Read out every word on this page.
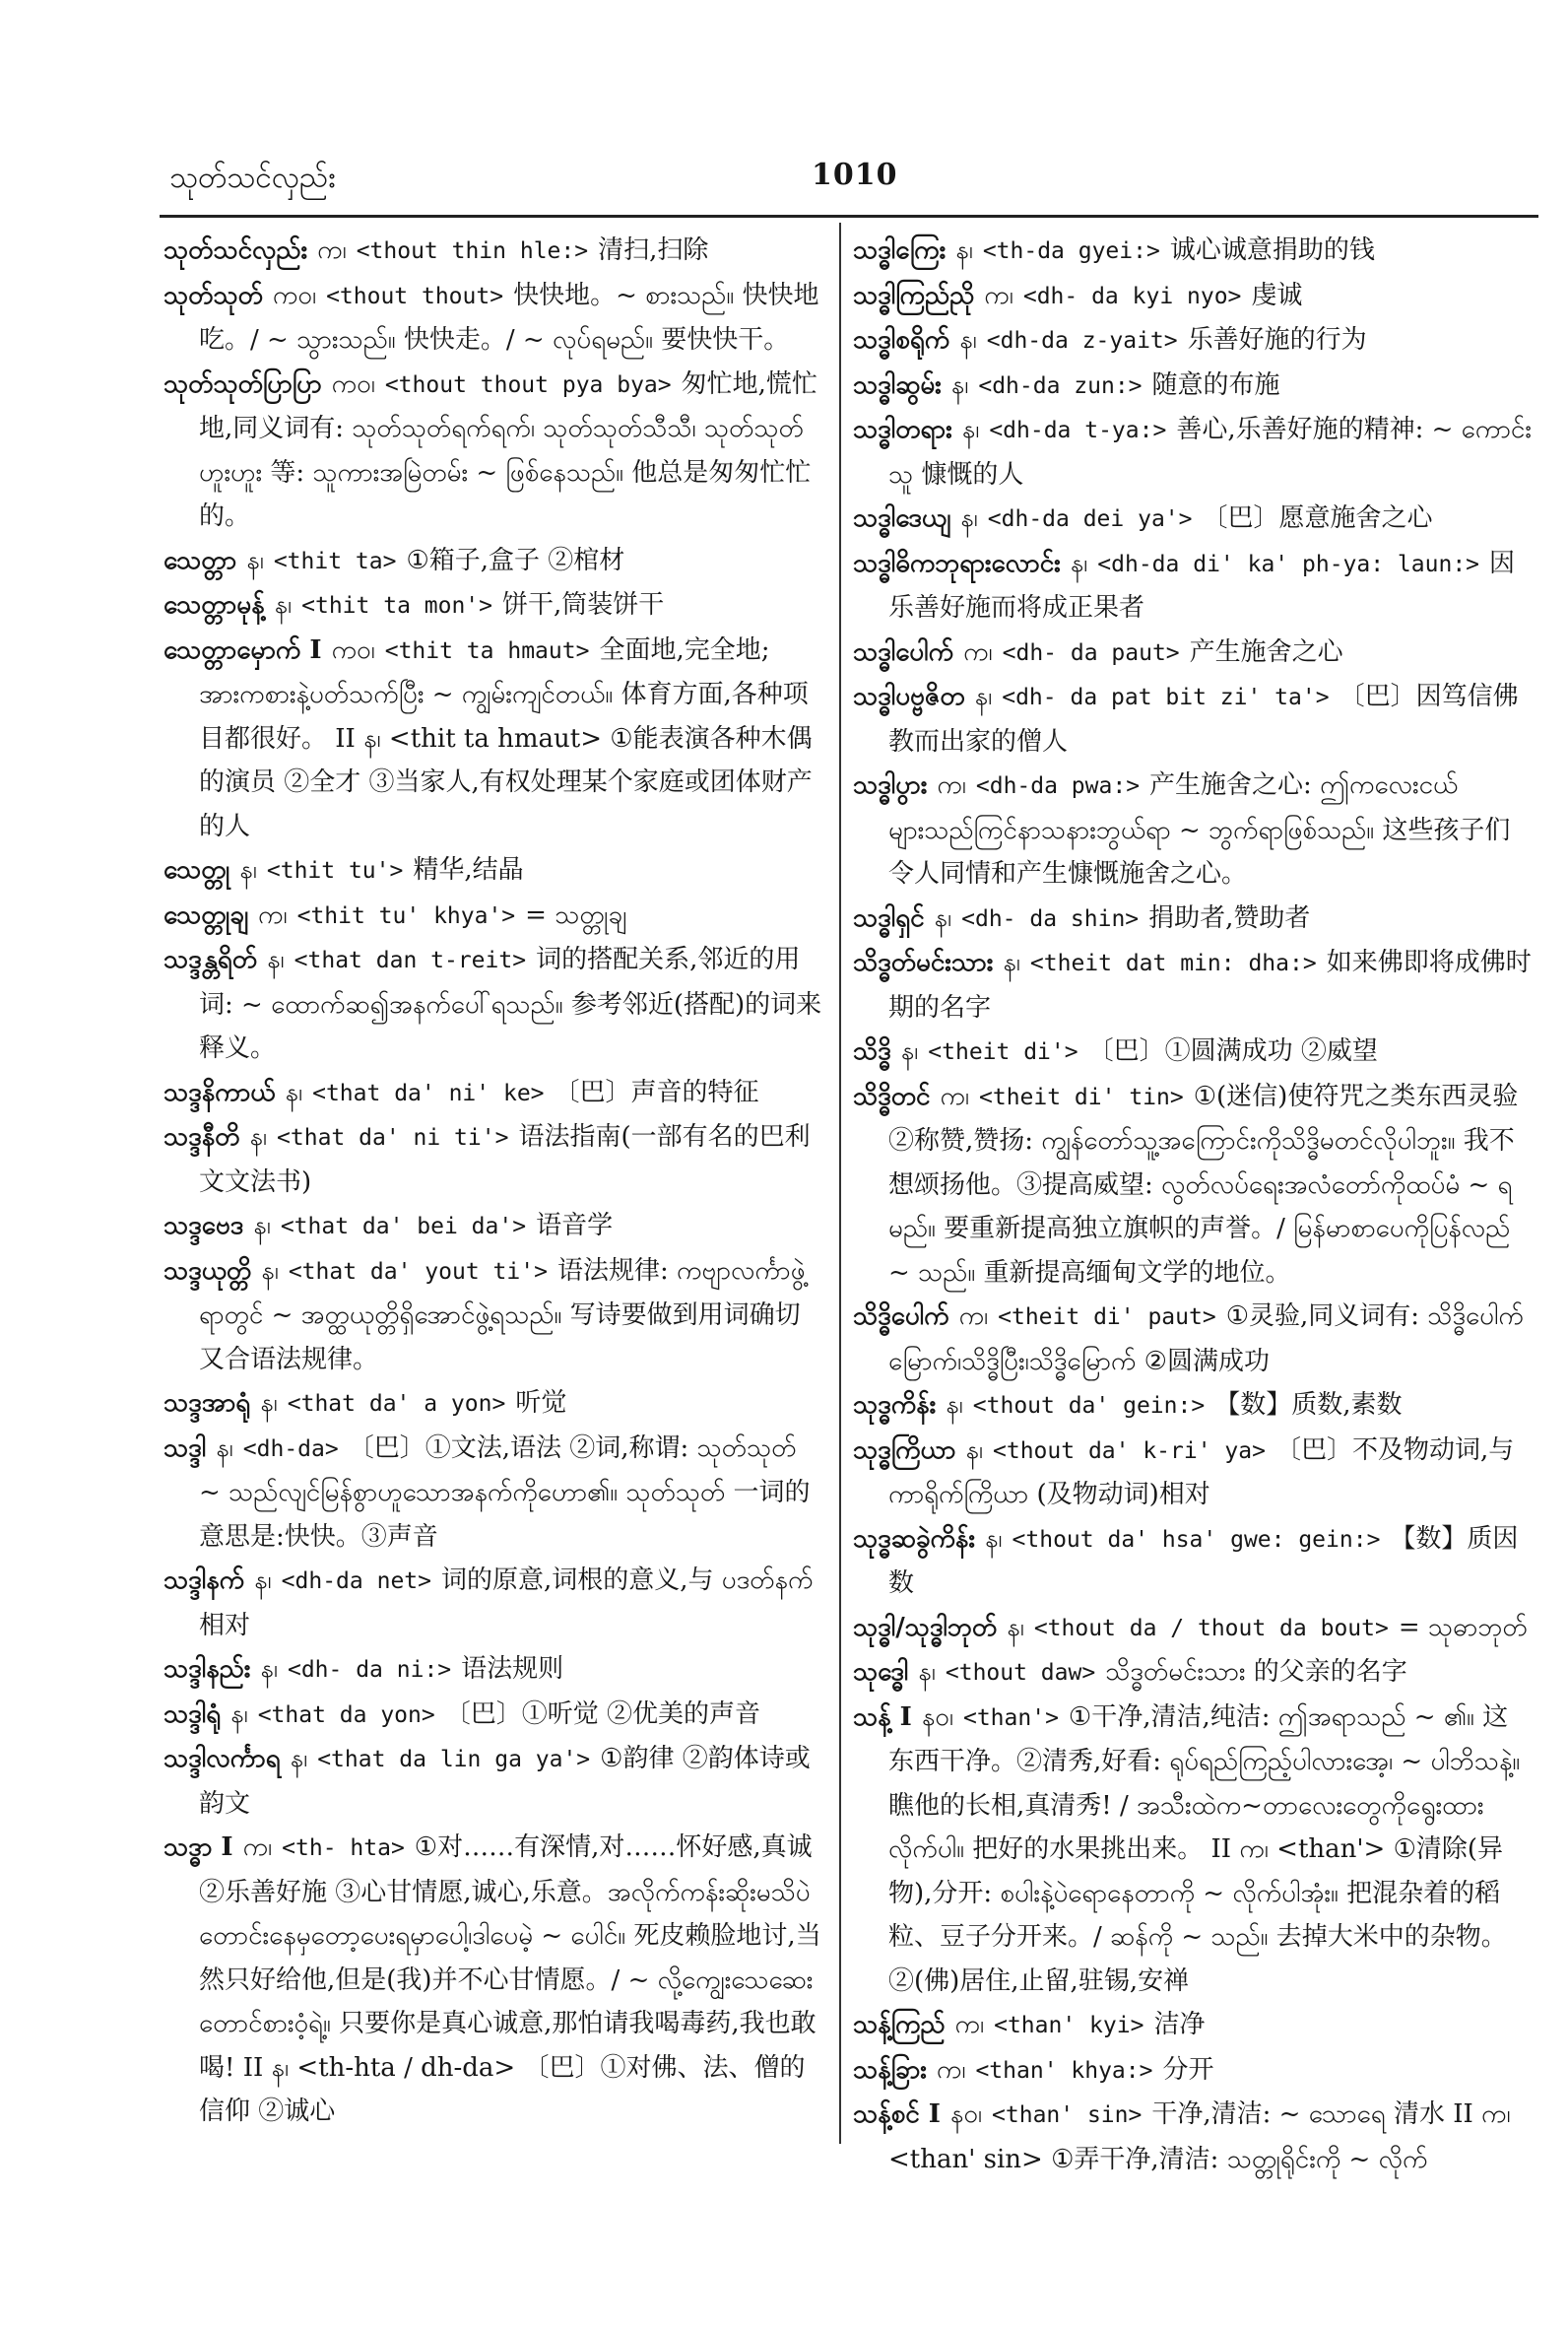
သုတ်သင်လှည်း	1010

သုတ်သင်လှည်း က၊ <thout thin hle:> 清扫,扫除

သုတ်သုတ် ကဝ၊ <thout thout> 快快地。~ စားသည်။ 快快地吃。/ ~ သွားသည်။ 快快走。/ ~ လုပ်ရမည်။ 要快快干。

သုတ်သုတ်ပြာပြာ ကဝ၊ <thout thout pya bya> 匆忙地,慌忙地,同义词有: သုတ်သုတ်ရက်ရက်၊ သုတ်သုတ်သီသီ၊ သုတ်သုတ်ဟူးဟူး 等: သူကားအမြဲတမ်း ~ ဖြစ်နေသည်။ 他总是匆匆忙忙的。

သေတ္တာ န၊ <thit ta> ①箱子,盒子 ②棺材

သေတ္တာမုန့် န၊ <thit ta mon'> 饼干,筒装饼干

သေတ္တာမှောက် I ကဝ၊ <thit ta hmaut> 全面地,完全地; အားကစားနဲ့ပတ်သက်ပြီး ~ ကျွမ်းကျင်တယ်။ 体育方面,各种项目都很好。 II န၊ <thit ta hmaut> ①能表演各种木偶的演员 ②全才 ③当家人,有权处理某个家庭或团体财产的人

သေတ္တု န၊ <thit tu'> 精华,结晶

သေတ္တုချ က၊ <thit tu' khya'> = သတ္တုချ

သဒ္ဒန္တရိတ် န၊ <that dan t-reit> 词的搭配关系,邻近的用词: ~ ထောက်ဆ၍အနက်ပေါ်ရသည်။ 参考邻近(搭配)的词来释义。

သဒ္ဒနိကာယ် န၊ <that da' ni' ke> 〔巴〕声音的特征

သဒ္ဒနီတိ န၊ <that da' ni ti'> 语法指南(一部有名的巴利文文法书)

သဒ္ဒဗေဒ န၊ <that da' bei da'> 语音学

သဒ္ဒယုတ္တိ န၊ <that da' yout ti'> 语法规律: ကဗျာလင်္ကာဖွဲ့ရာတွင် ~ အတ္ထယုတ္တိရှိအောင်ဖွဲ့ရသည်။ 写诗要做到用词确切又合语法规律。

သဒ္ဒအာရုံ န၊ <that da' a yon> 听觉

သဒ္ဒါ န၊ <dh-da> 〔巴〕①文法,语法 ②词,称谓: သုတ်သုတ် ~ သည်လျင်မြန်စွာဟူသောအနက်ကိုဟော၏။ သုတ်သုတ် 一词的意思是:快快。③声音

သဒ္ဒါနက် န၊ <dh-da net> 词的原意,词根的意义,与 ပဒတ်နက် 相对

သဒ္ဒါနည်း န၊ <dh- da ni:> 语法规则

သဒ္ဒါရုံ န၊ <that da yon> 〔巴〕①听觉 ②优美的声音

သဒ္ဒါလင်္ကာရ န၊ <that da lin ga ya'> ①韵律 ②韵体诗或韵文

သဒ္ဓာ I က၊ <th- hta> ①对……有深情,对……怀好感,真诚 ②乐善好施 ③心甘情愿,诚心,乐意。အလိုက်ကန်းဆိုးမသိပဲတောင်းနေမှတော့ပေးရမှာပေါ့၊ဒါပေမဲ့ ~ ပေါင်။ 死皮赖脸地讨,当然只好给他,但是(我)并不心甘情愿。/ ~ လို့ကျွေးသေဆေးတောင်စားဝံ့ရဲ့။ 只要你是真心诚意,那怕请我喝毒药,我也敢喝! II န၊ <th-hta / dh-da> 〔巴〕①对佛、法、僧的信仰 ②诚心

သဒ္ဓါကြေး န၊ <th-da gyei:> 诚心诚意捐助的钱

သဒ္ဓါကြည်ညို က၊ <dh- da kyi nyo> 虔诚

သဒ္ဓါစရိုက် န၊ <dh-da z-yait> 乐善好施的行为

သဒ္ဓါဆွမ်း န၊ <dh-da zun:> 随意的布施

သဒ္ဓါတရား န၊ <dh-da t-ya:> 善心,乐善好施的精神: ~ ကောင်းသူ 慷慨的人

သဒ္ဓါဒေယျ န၊ <dh-da dei ya'> 〔巴〕愿意施舍之心

သဒ္ဓါဓိကဘုရားလောင်း န၊ <dh-da di' ka' ph-ya: laun:> 因乐善好施而将成正果者

သဒ္ဓါပေါက် က၊ <dh- da paut> 产生施舍之心

သဒ္ဓါပဗ္ဗဇိတ န၊ <dh- da pat bit zi' ta'> 〔巴〕因笃信佛教而出家的僧人

သဒ္ဓါပွား က၊ <dh-da pwa:> 产生施舍之心: ဤကလေးငယ်များသည်ကြင်နာသနားဘွယ်ရာ ~ ဘွက်ရာဖြစ်သည်။ 这些孩子们令人同情和产生慷慨施舍之心。

သဒ္ဓါရှင် န၊ <dh- da shin> 捐助者,赞助者

သိဒ္ဓတ်မင်းသား န၊ <theit dat min: dha:> 如来佛即将成佛时期的名字

သိဒ္ဓိ န၊ <theit di'> 〔巴〕①圆满成功 ②威望

သိဒ္ဓိတင် က၊ <theit di' tin> ①(迷信)使符咒之类东西灵验 ②称赞,赞扬: ကျွန်တော်သူ့အကြောင်းကိုသိဒ္ဓိမတင်လိုပါဘူး။ 我不想颂扬他。③提高威望: လွတ်လပ်ရေးအလံတော်ကိုထပ်မံ ~ ရမည်။ 要重新提高独立旗帜的声誉。/ မြန်မာစာပေကိုပြန်လည် ~ သည်။ 重新提高缅甸文学的地位。

သိဒ္ဓိပေါက် က၊ <theit di' paut> ①灵验,同义词有: သိဒ္ဓိပေါက်မြောက်၊သိဒ္ဓိပြီး၊သိဒ္ဓိမြောက် ②圆满成功

သုဒ္ဓကိန်း န၊ <thout da' gein:> 【数】质数,素数

သုဒ္ဓကြိယာ န၊ <thout da' k-ri' ya> 〔巴〕不及物动词,与 ကာရိုက်ကြိယာ (及物动词)相对

သုဒ္ဓဆခွဲကိန်း န၊ <thout da' hsa' gwe: gein:> 【数】质因数

သုဒ္ဓါ/သုဒ္ဓါဘုတ် န၊ <thout da / thout da bout> = သုဓာဘုတ်

သုဒ္ဓေါ န၊ <thout daw> သိဒ္ဓတ်မင်းသား 的父亲的名字

သန့် I နဝ၊ <than'> ①干净,清洁,纯洁: ဤအရာသည် ~ ၏။ 这东西干净。②清秀,好看: ရုပ်ရည်ကြည့်ပါလားအေ့၊ ~ ပါဘိသနဲ့။ 瞧他的长相,真清秀! / အသီးထဲက~တာလေးတွေကိုရွေးထားလိုက်ပါ။ 把好的水果挑出来。 II က၊ <than'> ①清除(异物),分开: စပါးနဲ့ပဲရောနေတာကို ~ လိုက်ပါအုံး။ 把混杂着的稻粒、豆子分开来。/ ဆန်ကို ~ သည်။ 去掉大米中的杂物。②(佛)居住,止留,驻锡,安禅

သန့်ကြည် က၊ <than' kyi> 洁净

သန့်ခြား က၊ <than' khya:> 分开

သန့်စင် I နဝ၊ <than' sin> 干净,清洁: ~ သောရေ 清水 II က၊ <than' sin> ①弄干净,清洁: သတ္တုရိုင်းကို ~ လိုက်
